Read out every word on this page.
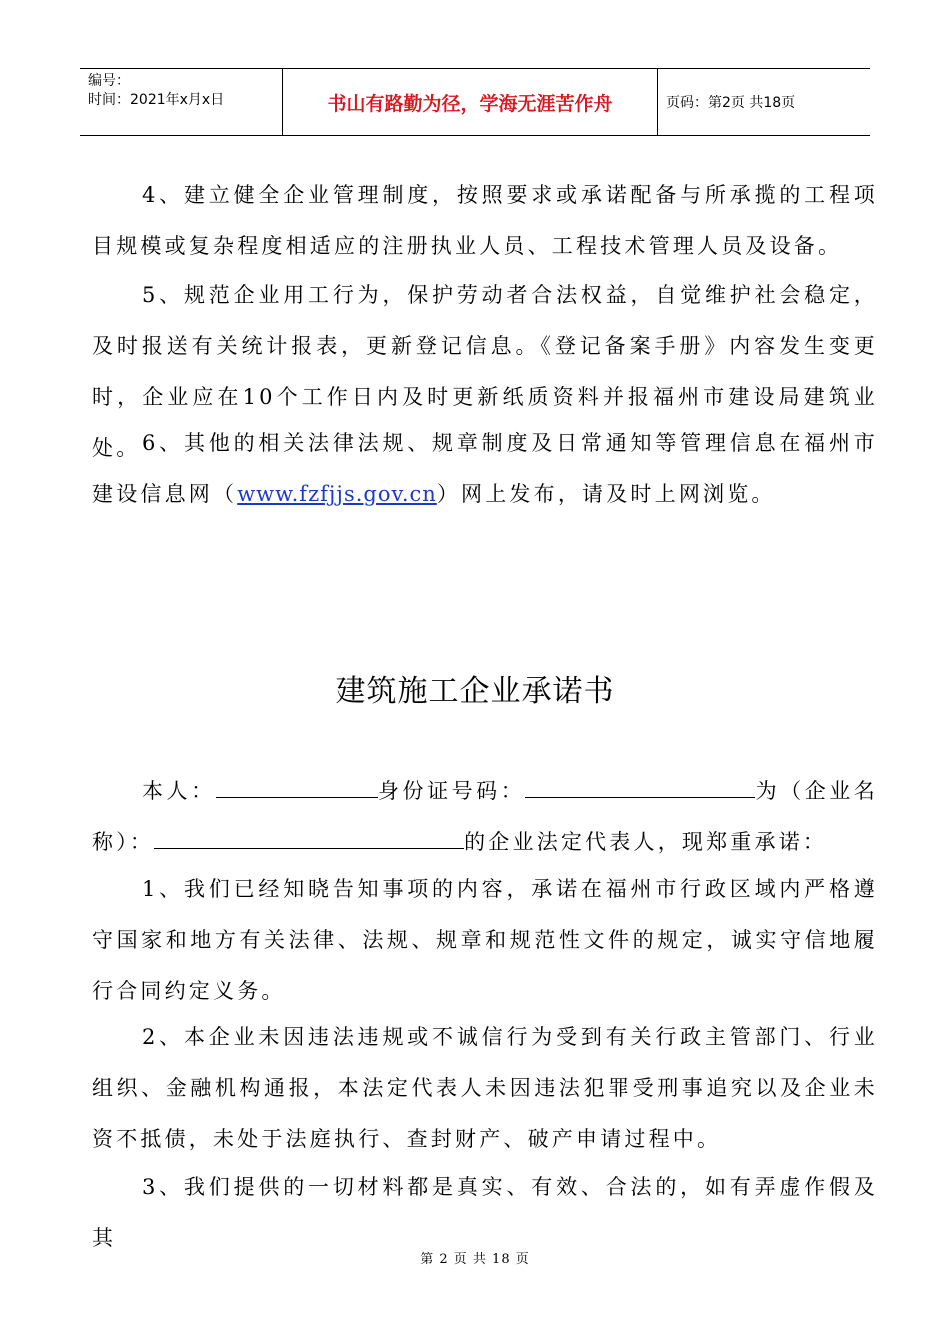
编号：
时间：2021年x月x日	书山有路勤为径，学海无涯苦作舟	页码：第2页 共18页
4、建立健全企业管理制度，按照要求或承诺配备与所承揽的工程项目规模或复杂程度相适应的注册执业人员、工程技术管理人员及设备。
5、规范企业用工行为，保护劳动者合法权益，自觉维护社会稳定，及时报送有关统计报表，更新登记信息。《登记备案手册》内容发生变更时，企业应在10个工作日内及时更新纸质资料并报福州市建设局建筑业处。 6、其他的相关法律法规、规章制度及日常通知等管理信息在福州市建设信息网（www.fzfjjs.gov.cn）网上发布，请及时上网浏览。
建筑施工企业承诺书
本人：	身份证号码：	为（企业名称）：	的企业法定代表人，现郑重承诺：
1、我们已经知晓告知事项的内容，承诺在福州市行政区域内严格遵守国家和地方有关法律、法规、规章和规范性文件的规定，诚实守信地履行合同约定义务。
2、本企业未因违法违规或不诚信行为受到有关行政主管部门、行业组织、金融机构通报，本法定代表人未因违法犯罪受刑事追究以及企业未资不抵债，未处于法庭执行、查封财产、破产申请过程中。
3、我们提供的一切材料都是真实、有效、合法的，如有弄虚作假及其
第 2 页 共 18 页
